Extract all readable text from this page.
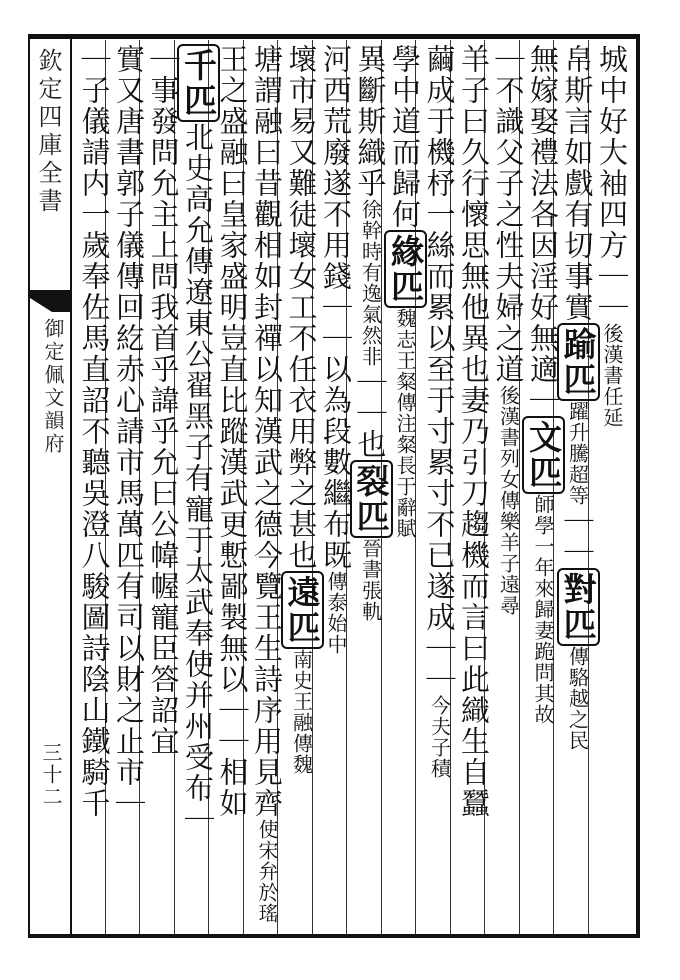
欽定四庫全書
御定佩文韻府
三十二
城中好大袖四方｜｜後漢書任延
帛斯言如戲有切事實踰匹躍升騰超等｜｜對匹傳駱越之民
無嫁娶禮法各因淫好無適｜文匹師學一年來歸妻跪問其故
｜不識父子之性夫婦之道後漢書列女傳樂羊子遠尋
羊子曰久行懷思無他異也妻乃引刀趨機而言曰此織生自蠶
繭成于機杼一絲而累以至于寸累寸不已遂成｜｜今夫子積
學中道而歸何緣匹魏志王粲傳注粲長于辭賦
異斷斯織乎徐幹時有逸氣然非｜｜也裂匹晉書張軌
河西荒廢遂不用錢｜｜以為段數繼布既傳泰始中
壞市易又難徒壞女工不任衣用弊之甚也遠匹南史王融傳魏
塘謂融曰昔觀相如封禪以知漢武之德今覽王生詩序用見齊使宋弁於瑤
王之盛融曰皇家盛明豈直比蹤漢武更慙鄙製無以｜｜相如
千匹北史高允傳遼東公翟黑子有寵于太武奉使并州受布｜
｜事發問允主上問我首乎諱乎允曰公幃幄寵臣答詔宜
實又唐書郭子儀傳回紇赤心請市馬萬匹有司以財之止市｜
｜子儀請内一歲奉佐馬直詔不聽吳澄八駿圖詩陰山鐵騎千
